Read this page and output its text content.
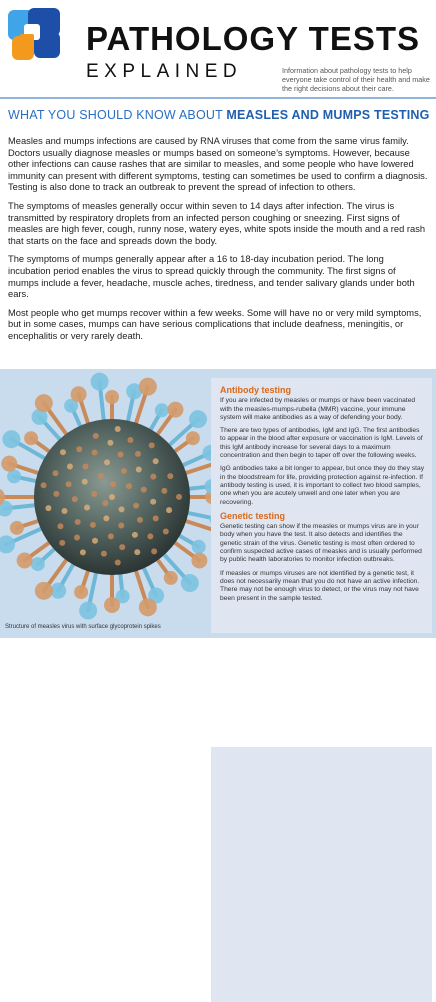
PATHOLOGY TESTS
EXPLAINED	Information about pathology tests to help everyone take control of their health and make the right decisions about their care.
WHAT YOU SHOULD KNOW ABOUT MEASLES AND MUMPS TESTING

Measles and mumps infections are caused by RNA viruses that come from the same virus family. Doctors usually diagnose measles or mumps based on someone’s symptoms. However, because other infections can cause rashes that are similar to measles, and some people who have lowered immunity can present with different symptoms, testing can sometimes be used to confirm a diagnosis. Testing is also done to track an outbreak to prevent the spread of infection to others.

The symptoms of measles generally occur within seven to 14 days after infection. The virus is transmitted by respiratory droplets from an infected person coughing or sneezing. First signs of measles are high fever, cough, runny nose, watery eyes, white spots inside the mouth and a red rash that starts on the face and spreads down the body.

The symptoms of mumps generally appear after a 16 to 18-day incubation period. The long incubation period enables the virus to spread quickly through the community. The first signs of mumps include a fever, headache, muscle aches, tiredness, and tender salivary glands under both ears.

Most people who get mumps recover within a few weeks. Some will have no or very mild symptoms, but in some cases, mumps can have serious complications that include deafness, meningitis, or encephalitis or very rarely death.

Structure of measles virus with surface glycoprotein spikes
Antibody testing

If you are infected by measles or mumps or have been vaccinated with the measles-mumps-rubella (MMR) vaccine, your immune system will make antibodies as a way of defending your body.

There are two types of antibodies, IgM and IgG. The first antibodies to appear in the blood after exposure or vaccination is IgM. Levels of this IgM antibody increase for several days to a maximum concentration and then begin to taper off over the following weeks.

IgG antibodies take a bit longer to appear, but once they do they stay in the bloodstream for life, providing protection against re-infection. If antibody testing is used, it is important to collect two blood samples, one when you are acutely unwell and one later when you are recovering.

Genetic testing

Genetic testing can show if the measles or mumps virus are in your body when you have the test. It also detects and identifies the genetic strain of the virus. Genetic testing is most often ordered to confirm suspected active cases of measles and is usually performed by public health laboratories to monitor infection outbreaks.

If measles or mumps viruses are not identified by a genetic test, it does not necessarily mean that you do not have an active infection. There may not be enough virus to detect, or the virus may not have been present in the sample tested.
